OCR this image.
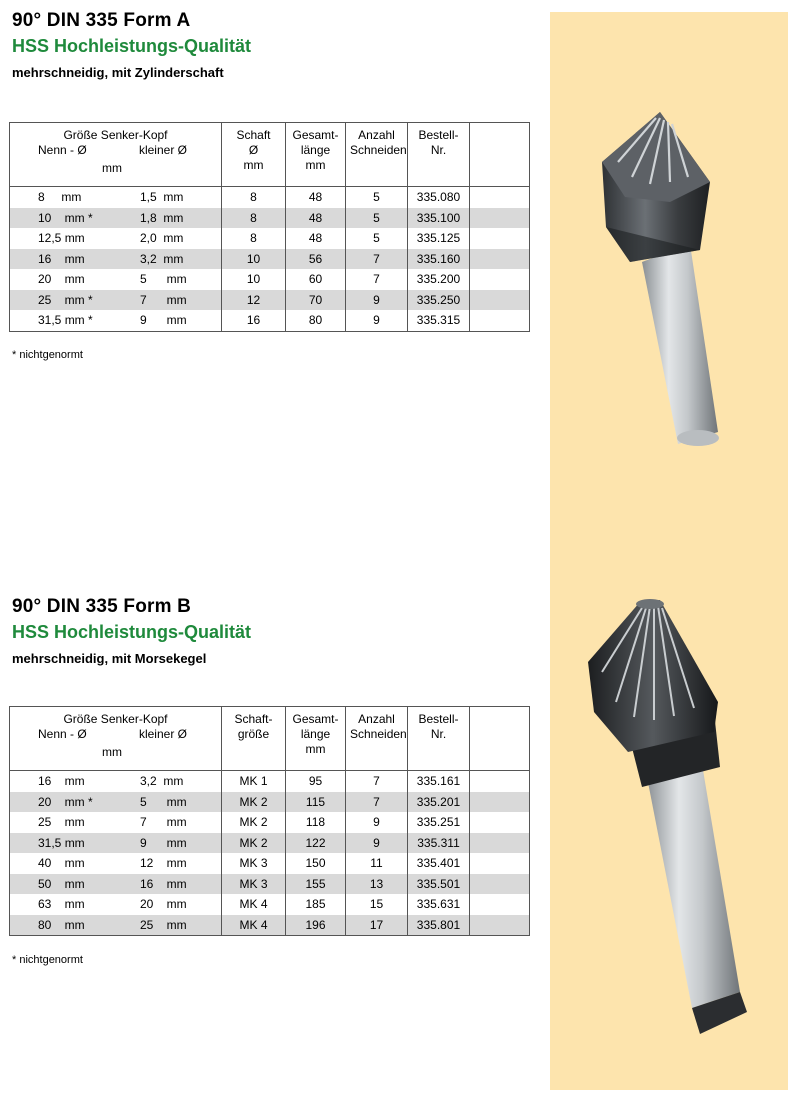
90° DIN 335 Form A

HSS Hochleistungs-Qualität

mehrschneidig, mit Zylinderschaft

Größe Senker-Kopf
Nenn - Ø kleiner Ø
mm	Schaft
Ø
mm	Gesamt-
länge
mm	Anzahl
Schneiden	Bestell-
Nr.	
8     mm 1,5  mm	8	48	5	335.080	
10    mm * 1,8  mm	8	48	5	335.100	
12,5 mm 2,0  mm	8	48	5	335.125	
16    mm 3,2  mm	10	56	7	335.160	
20    mm 5      mm	10	60	7	335.200	
25    mm * 7      mm	12	70	9	335.250	
31,5 mm * 9      mm	16	80	9	335.315	
* nichtgenormt

90° DIN 335 Form B

HSS Hochleistungs-Qualität

mehrschneidig, mit Morsekegel

Größe Senker-Kopf
Nenn - Ø kleiner Ø
mm	Schaft-
größe	Gesamt-
länge
mm	Anzahl
Schneiden	Bestell-
Nr.	
16    mm 3,2  mm	MK 1	95	7	335.161	
20    mm * 5      mm	MK 2	115	7	335.201	
25    mm 7      mm	MK 2	118	9	335.251	
31,5 mm 9      mm	MK 2	122	9	335.311	
40    mm 12    mm	MK 3	150	11	335.401	
50    mm 16    mm	MK 3	155	13	335.501	
63    mm 20    mm	MK 4	185	15	335.631	
80    mm 25    mm	MK 4	196	17	335.801	
* nichtgenormt
